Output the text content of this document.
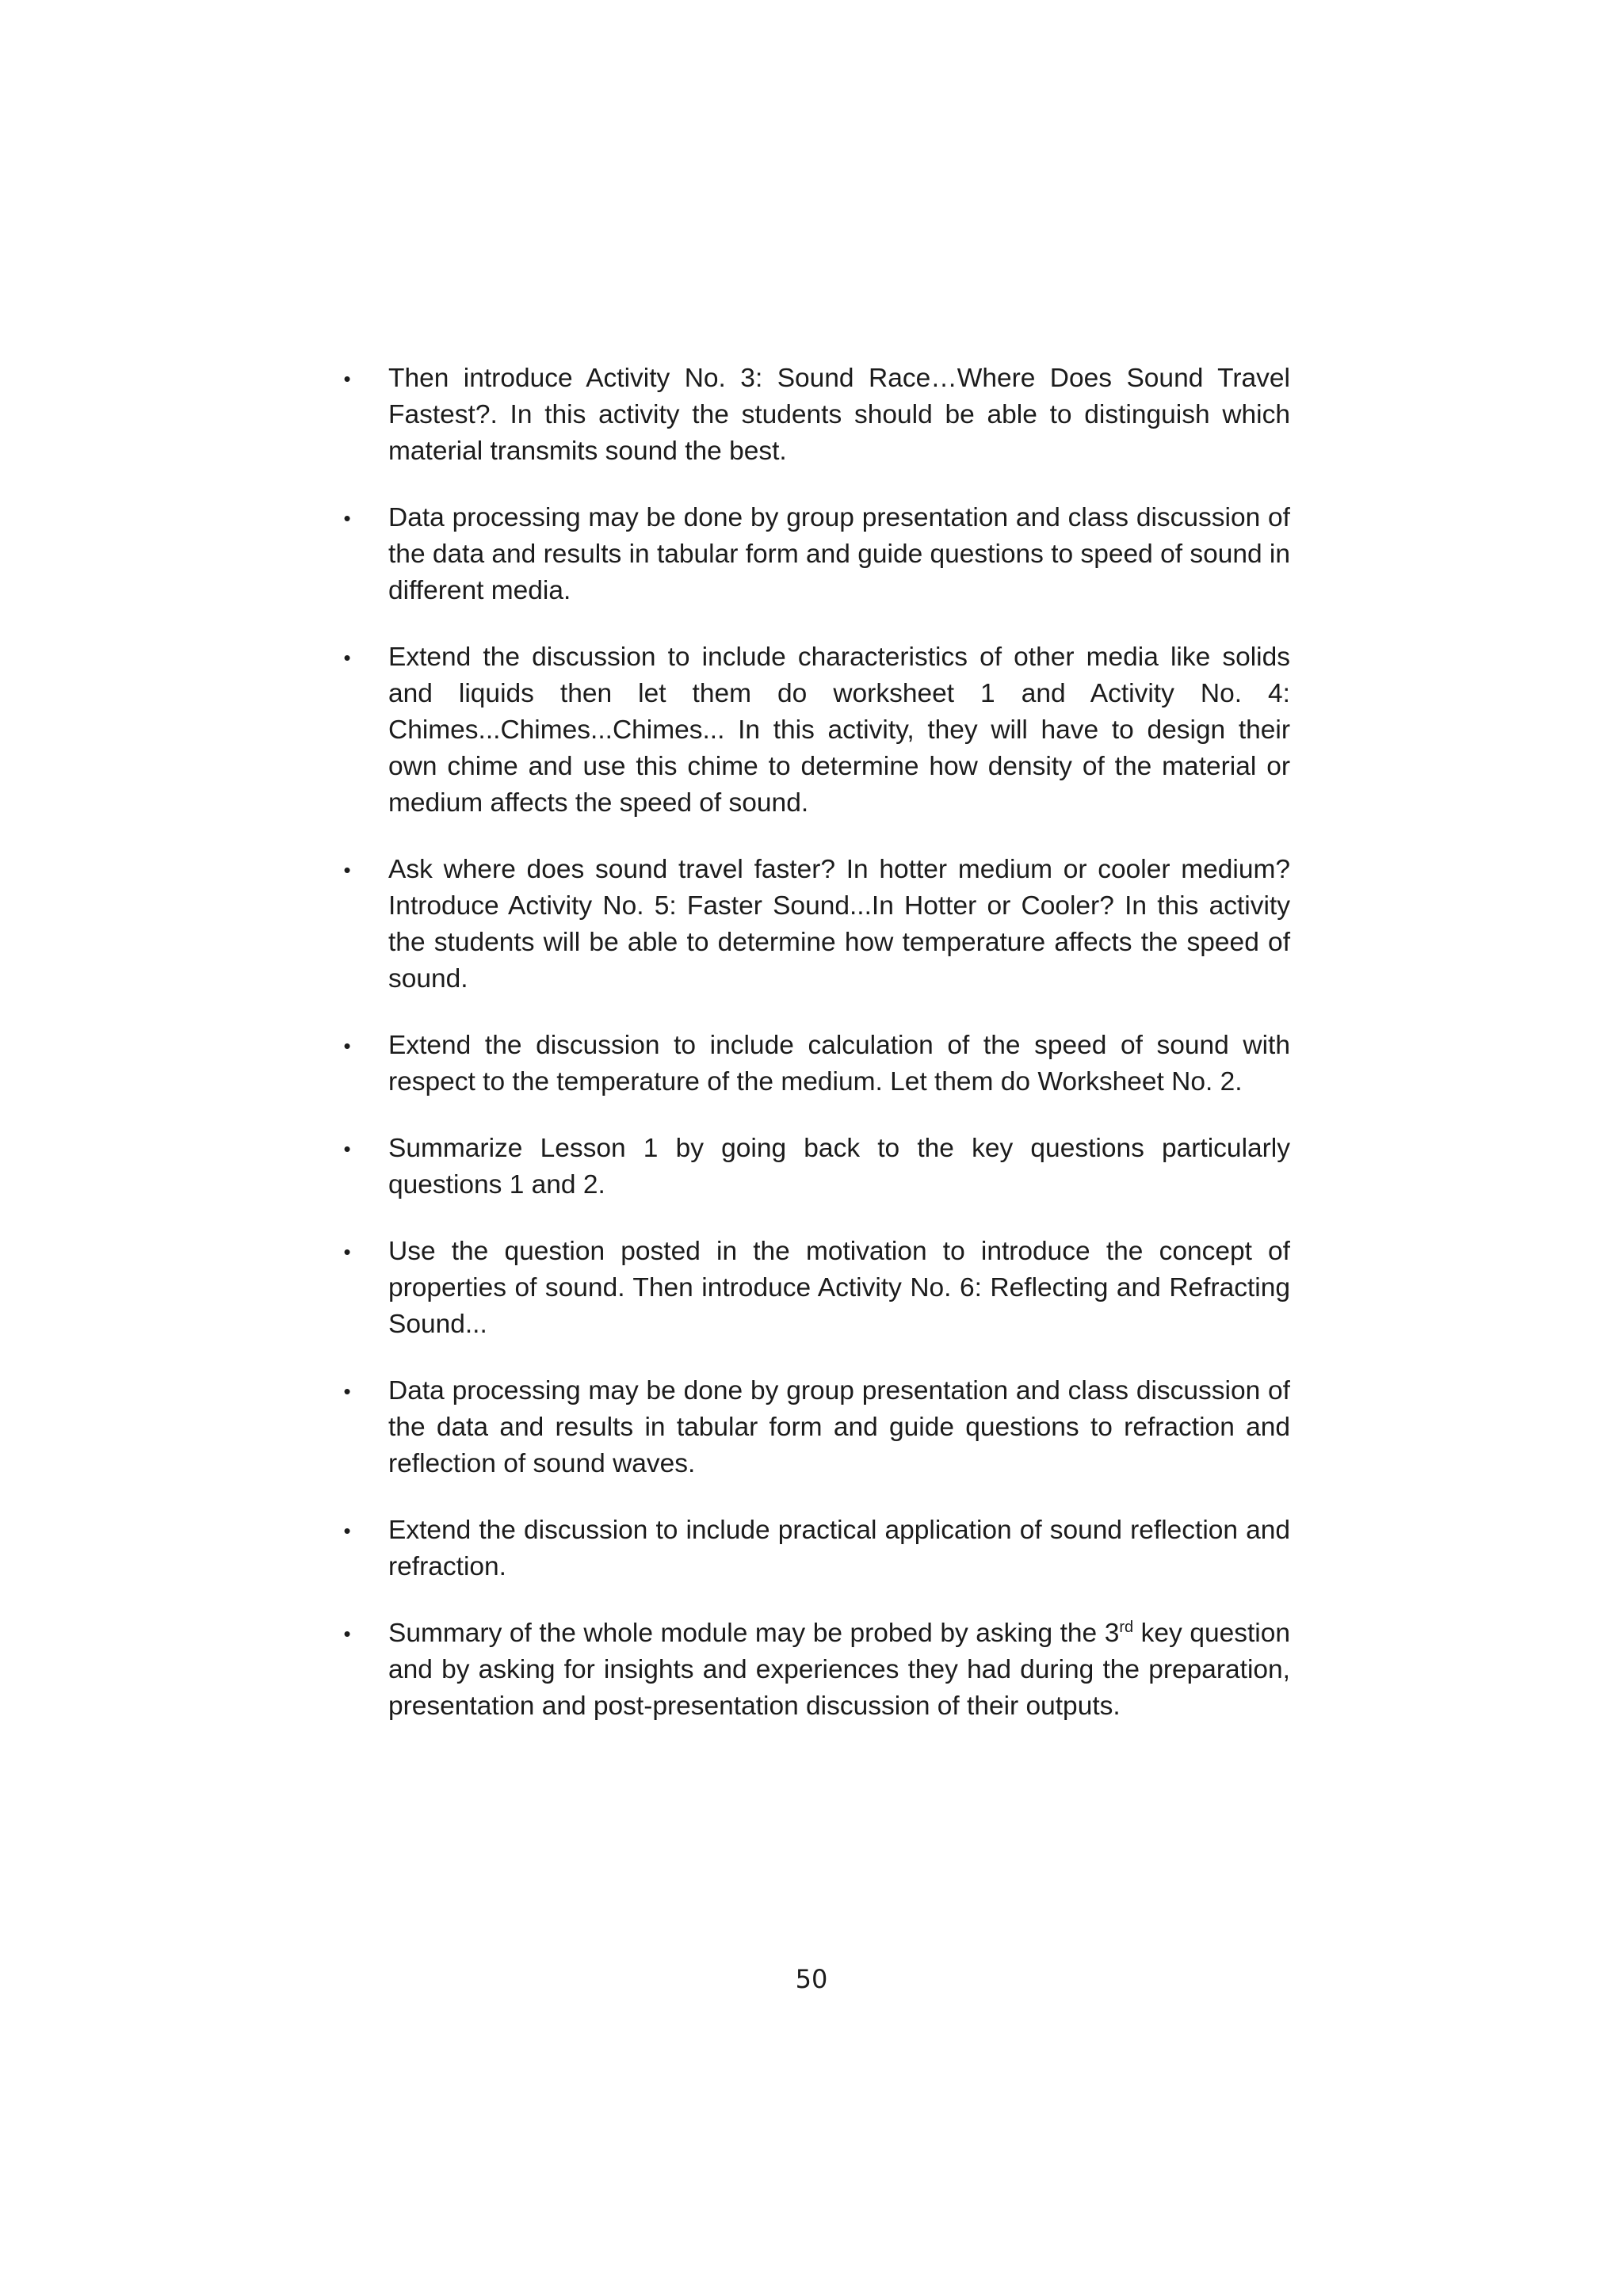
• Then introduce Activity No. 3: Sound Race…Where Does Sound Travel Fastest?. In this activity the students should be able to distinguish which material transmits sound the best.
• Data processing may be done by group presentation and class discussion of the data and results in tabular form and guide questions to speed of sound in different media.
• Extend the discussion to include characteristics of other media like solids and liquids then let them do worksheet 1 and Activity No. 4: Chimes...Chimes...Chimes... In this activity, they will have to design their own chime and use this chime to determine how density of the material or medium affects the speed of sound.
• Ask where does sound travel faster? In hotter medium or cooler medium? Introduce Activity No. 5: Faster Sound...In Hotter or Cooler? In this activity the students will be able to determine how temperature affects the speed of sound.
• Extend the discussion to include calculation of the speed of sound with respect to the temperature of the medium. Let them do Worksheet No. 2.
• Summarize Lesson 1 by going back to the key questions particularly questions 1 and 2.
• Use the question posted in the motivation to introduce the concept of properties of sound. Then introduce Activity No. 6: Reflecting and Refracting Sound...
• Data processing may be done by group presentation and class discussion of the data and results in tabular form and guide questions to refraction and reflection of sound waves.
• Extend the discussion to include practical application of sound reflection and refraction.
• Summary of the whole module may be probed by asking the 3rd key question and by asking for insights and experiences they had during the preparation, presentation and post-presentation discussion of their outputs.
50
